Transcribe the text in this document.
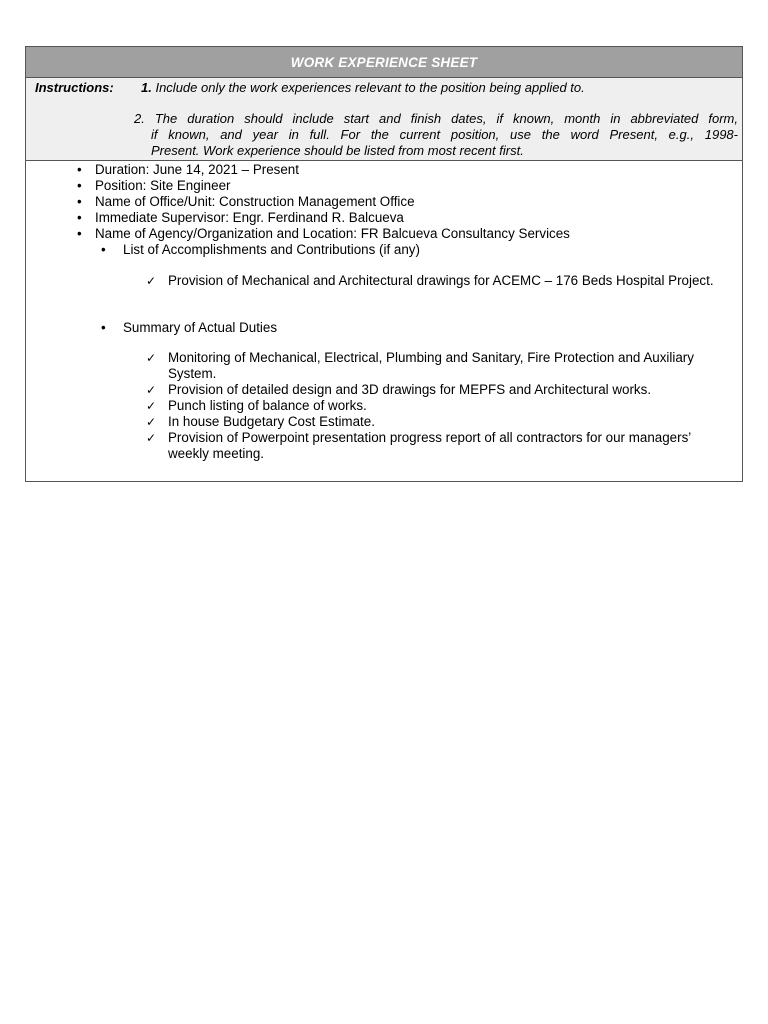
WORK EXPERIENCE SHEET
Instructions: 1. Include only the work experiences relevant to the position being applied to.
2. The duration should include start and finish dates, if known, month in abbreviated form,
if known, and year in full. For the current position, use the word Present, e.g., 1998-
Present. Work experience should be listed from most recent first.
• Duration: June 14, 2021 – Present
• Position: Site Engineer
• Name of Office/Unit: Construction Management Office
• Immediate Supervisor: Engr. Ferdinand R. Balcueva
• Name of Agency/Organization and Location: FR Balcueva Consultancy Services
• List of Accomplishments and Contributions (if any)
✓ Provision of Mechanical and Architectural drawings for ACEMC – 176 Beds Hospital Project.
• Summary of Actual Duties
✓ Monitoring of Mechanical, Electrical, Plumbing and Sanitary, Fire Protection and Auxiliary System.
✓ Provision of detailed design and 3D drawings for MEPFS and Architectural works.
✓ Punch listing of balance of works.
✓ In house Budgetary Cost Estimate.
✓ Provision of Powerpoint presentation progress report of all contractors for our managers’ weekly meeting.
